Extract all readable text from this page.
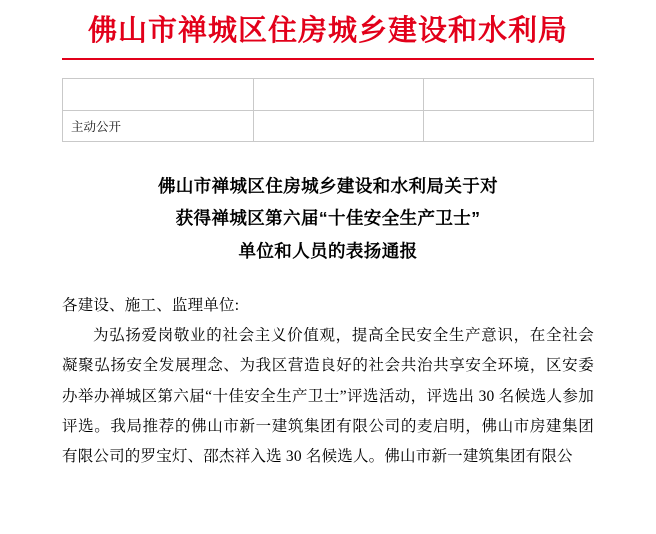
佛山市禅城区住房城乡建设和水利局

主动公开		
佛山市禅城区住房城乡建设和水利局关于对
获得禅城区第六届“十佳安全生产卫士”
单位和人员的表扬通报

各建设、施工、监理单位:

为弘扬爱岗敬业的社会主义价值观，提高全民安全生产意识，在全社会凝聚弘扬安全发展理念、为我区营造良好的社会共治共享安全环境，区安委办举办禅城区第六届“十佳安全生产卫士”评选活动，评选出 30 名候选人参加评选。我局推荐的佛山市新一建筑集团有限公司的麦启明，佛山市房建集团有限公司的罗宝灯、邵杰祥入选 30 名候选人。佛山市新一建筑集团有限公
